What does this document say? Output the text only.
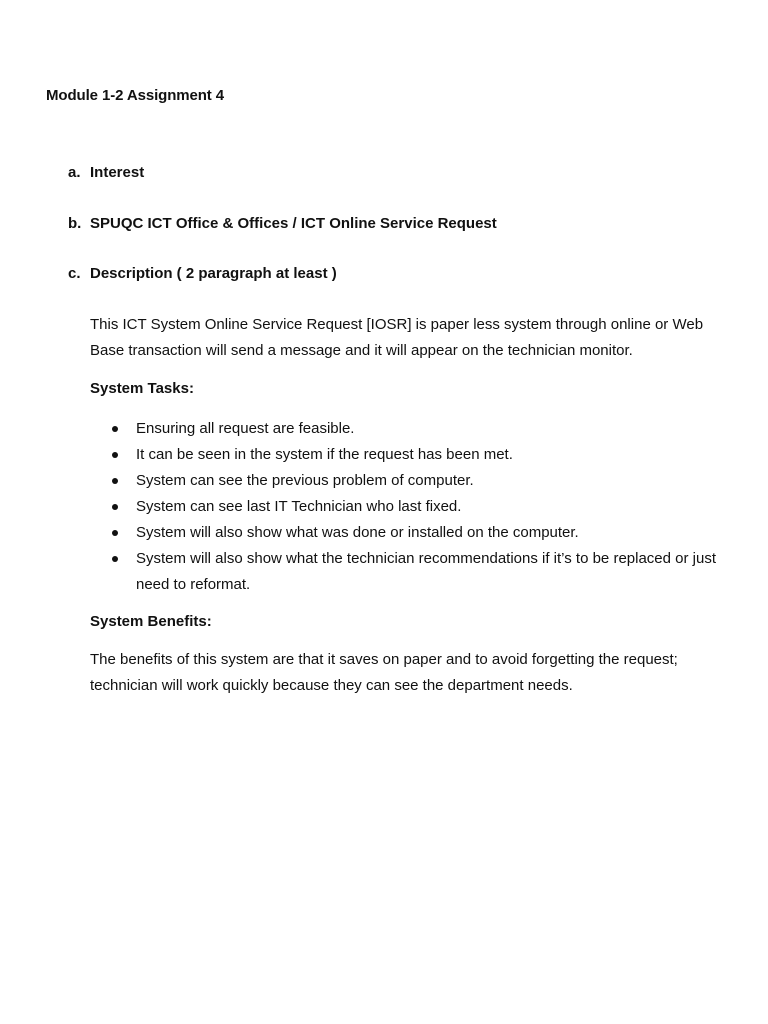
Module 1-2 Assignment 4
a. Interest
b. SPUQC ICT Office & Offices / ICT Online Service Request
c. Description ( 2 paragraph at least )
This ICT System Online Service Request [IOSR] is paper less system through online or Web Base transaction will send a message and it will appear on the technician monitor.
System Tasks:
Ensuring all request are feasible.
It can be seen in the system if the request has been met.
System can see the previous problem of computer.
System can see last IT Technician who last fixed.
System will also show what was done or installed on the computer.
System will also show what the technician recommendations if it’s to be replaced or just need to reformat.
System Benefits:
The benefits of this system are that it saves on paper and to avoid forgetting the request; technician will work quickly because they can see the department needs.
